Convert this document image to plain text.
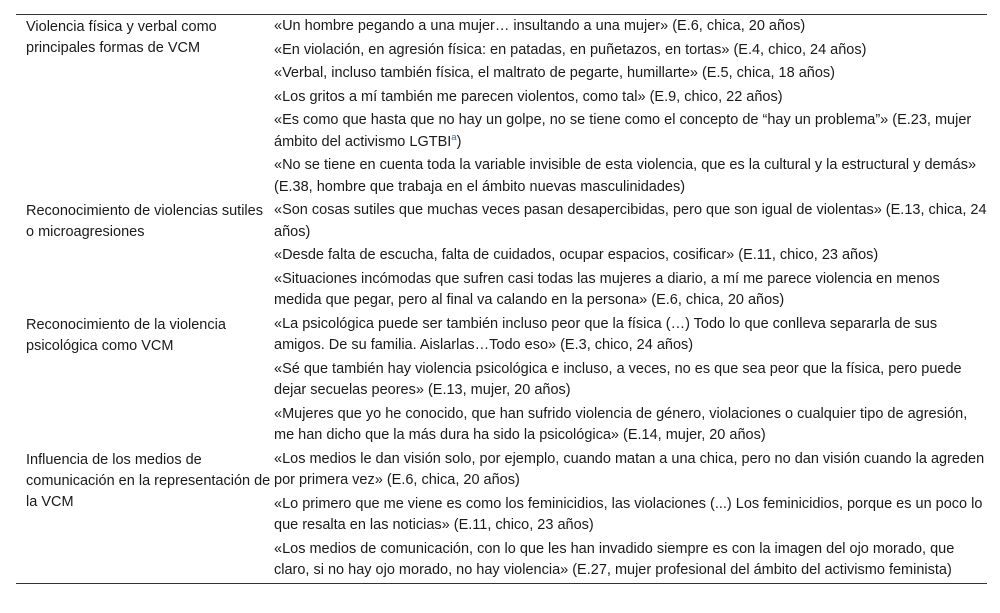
Violencia física y verbal como principales formas de VCM
«Un hombre pegando a una mujer… insultando a una mujer» (E.6, chica, 20 años)
«En violación, en agresión física: en patadas, en puñetazos, en tortas» (E.4, chico, 24 años)
«Verbal, incluso también física, el maltrato de pegarte, humillarte» (E.5, chica, 18 años)
«Los gritos a mí también me parecen violentos, como tal» (E.9, chico, 22 años)
«Es como que hasta que no hay un golpe, no se tiene como el concepto de “hay un problema”» (E.23, mujer ámbito del activismo LGTBI$^a$)
«No se tiene en cuenta toda la variable invisible de esta violencia, que es la cultural y la estructural y demás» (E.38, hombre que trabaja en el ámbito nuevas masculinidades)
Reconocimiento de violencias sutiles o microagresiones
«Son cosas sutiles que muchas veces pasan desapercibidas, pero que son igual de violentas» (E.13, chica, 24 años)
«Desde falta de escucha, falta de cuidados, ocupar espacios, cosificar» (E.11, chico, 23 años)
«Situaciones incómodas que sufren casi todas las mujeres a diario, a mí me parece violencia en menos medida que pegar, pero al final va calando en la persona» (E.6, chica, 20 años)
Reconocimiento de la violencia psicológica como VCM
«La psicológica puede ser también incluso peor que la física (…) Todo lo que conlleva separarla de sus amigos. De su familia. Aislarlas…Todo eso» (E.3, chico, 24 años)
«Sé que también hay violencia psicológica e incluso, a veces, no es que sea peor que la física, pero puede dejar secuelas peores» (E.13, mujer, 20 años)
«Mujeres que yo he conocido, que han sufrido violencia de género, violaciones o cualquier tipo de agresión, me han dicho que la más dura ha sido la psicológica» (E.14, mujer, 20 años)
Influencia de los medios de comunicación en la representación de la VCM
«Los medios le dan visión solo, por ejemplo, cuando matan a una chica, pero no dan visión cuando la agreden por primera vez» (E.6, chica, 20 años)
«Lo primero que me viene es como los feminicidios, las violaciones (...) Los feminicidios, porque es un poco lo que resalta en las noticias» (E.11, chico, 23 años)
«Los medios de comunicación, con lo que les han invadido siempre es con la imagen del ojo morado, que claro, si no hay ojo morado, no hay violencia» (E.27, mujer profesional del ámbito del activismo feminista)
